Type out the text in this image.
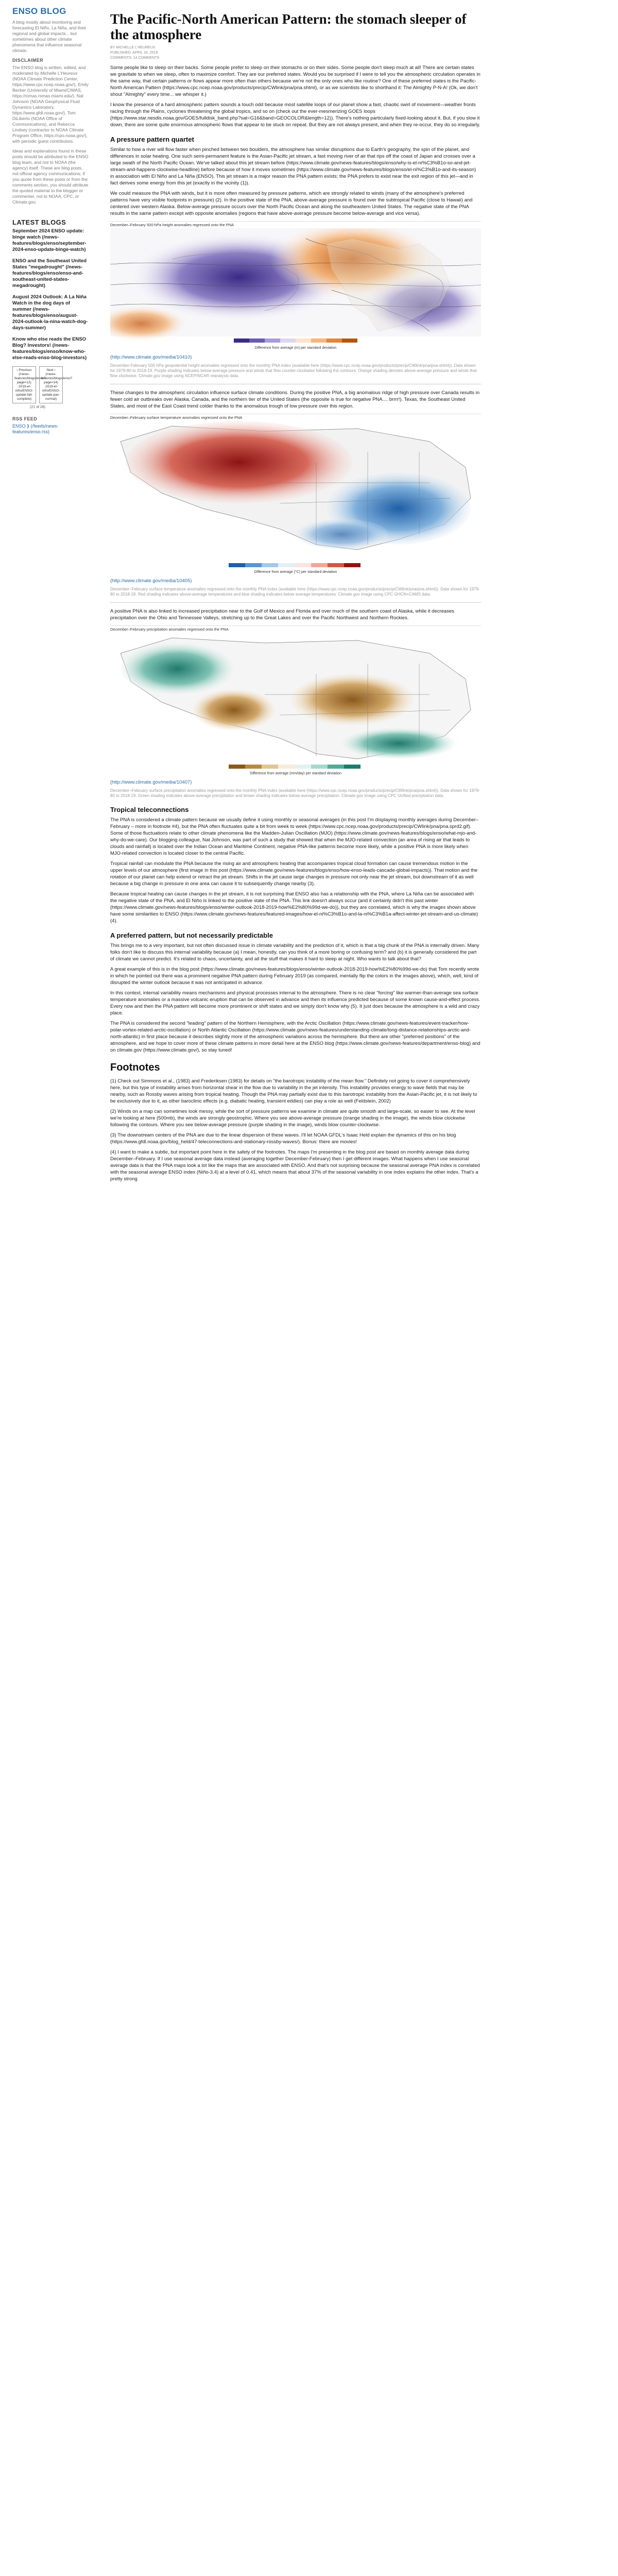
ENSO BLOG

A blog mostly about monitoring and forecasting El Niño, La Niña, and their regional and global impacts... but sometimes about other climate phenomena that influence seasonal climate.

DISCLAIMER

The ENSO blog is written, edited, and moderated by Michelle L'Heureux (NOAA Climate Prediction Center, https://www.cpc.ncep.noaa.gov/), Emily Becker (University of Miami/CIMAS, https://cimas.rsmas.miami.edu/), Nat Johnson (NOAA Geophysical Fluid Dynamics Laboratory, https://www.gfdl.noaa.gov/), Tom DiLiberto (NOAA Office of Communications), and Rebecca Lindsey (contractor to NOAA Climate Program Office, https://cpo.noaa.gov/), with periodic guest contributors.

Ideas and explanations found in these posts should be attributed to the ENSO blog team, and not to NOAA (the agency) itself. These are blog posts, not official agency communications; if you quote from these posts or from the comments section, you should attribute the quoted material to the blogger or commenter, not to NOAA, CPC, or Climate.gov.

LATEST BLOGS
September 2024 ENSO update: binge watch (/news-features/blogs/enso/september-2024-enso-update-binge-watch)
ENSO and the Southeast United States "megadrought" (/news-features/blogs/enso/enso-and-southeast-united-states-megadrought)
August 2024 Outlook: A La Niña Watch in the dog days of summer (/news-features/blogs/enso/august-2024-outlook-la-nina-watch-dog-days-summer)
Know who else reads the ENSO Blog? Investors! (/news-features/blogs/enso/know-who-else-reads-enso-blog-investors)
‹ Previous (/news-features/blogs/enso?page=12) ·2019-el-niño/ENSO- update-fall- complete)
Next › (/news-features/blogs/enso?page=14) ·2019-el-niño/ENSO- update-pac- normal)
(21 of 28)
RSS FEED
ENSO ⟫ (/feeds/news-features/enso.rss)
The Pacific-North American Pattern: the stomach sleeper of the atmosphere
BY MICHELLE L'HEUREUX
PUBLISHED: APRIL 24, 2019
COMMENTS: 14 COMMENTS

Some people like to sleep on their backs. Some people prefer to sleep on their stomachs or on their sides. Some people don't sleep much at all! There are certain states we gravitate to when we sleep, often to maximize comfort. They are our preferred states. Would you be surprised if I were to tell you the atmospheric circulation operates in the same way, that certain patterns or flows appear more often than others because we're not the only ones who like routine? One of these preferred states is the Pacific-North American Pattern (https://www.cpc.ncep.noaa.gov/products/precip/CWlink/pna/pna.shtml), or as we scientists like to shorthand it: The Almighty P-N-A! (Ok, we don't shout "Almighty" every time... we whisper it.)

I know the presence of a hard atmospheric pattern sounds a touch odd because most satellite loops of our planet show a fast, chaotic swirl of movement—weather fronts racing through the Plains, cyclones threatening the global tropics, and so on (check out the ever-mesmerizing GOES loops (https://www.star.nesdis.noaa.gov/GOES/fulldisk_band.php?sat=G16&band=GEOCOLOR&length=12)). There's nothing particularly fixed-looking about it. But, if you slow it down, there are some quite enormous atmospheric flows that appear to be stuck on repeat. But they are not always present, and when they re-occur, they do so irregularly.

A pressure pattern quartet

Similar to how a river will flow faster when pinched between two boulders, the atmosphere has similar disruptions due to Earth's geography, the spin of the planet, and differences in solar heating. One such semi-permanent feature is the Asian-Pacific jet stream, a fast moving river of air that rips off the coast of Japan and crosses over a large swath of the North Pacific Ocean. We've talked about this jet stream before (https://www.climate.gov/news-features/blogs/enso/why-is-el-ni%C3%B1o-so-and-jet-stream-and-happens-clockwise-headline) before because of how it moves sometimes (https://www.climate.gov/news-features/blogs/enso/el-ni%C3%B1o-and-its-season) in association with El Niño and La Niña (ENSO). This jet stream is a major reason the PNA pattern exists; the PNA prefers to exist near the exit region of this jet—and in fact derives some energy from this jet (exactly in the vicinity (1)).

We could measure the PNA with winds, but it is more often measured by pressure patterns, which are strongly related to winds (many of the atmosphere's preferred patterns have very visible footprints in pressure) (2). In the positive state of the PNA, above-average pressure is found over the subtropical Pacific (close to Hawaii) and centered over western Alaska. Below-average pressure occurs over the North Pacific Ocean and along the southeastern United States. The negative state of the PNA results in the same pattern except with opposite anomalies (regions that have above-average pressure become below-average and vice versa).

December–February 500-hPa height anomalies regressed onto the PNA
Difference from average (m) per standard deviation
(http://www.climate.gov/media/10410)
December-February 500 hPa geopotential height anomalies regressed onto the monthly PNA index (available here (https://www.cpc.ncep.noaa.gov/products/precip/CWlink/pna/pna.shtml)). Data shown for 1979-80 to 2018-19. Purple shading indicates below-average pressure and winds that flow counter-clockwise following the contours. Orange shading denotes above-average pressure and winds that flow clockwise. Climate.gov image using NCEP/NCAR reanalysis data.

These changes to the atmospheric circulation influence surface climate conditions. During the positive PNA, a big anomalous ridge of high pressure over Canada results in fewer cold air outbreaks over Alaska, Canada, and the northern tier of the United States (the opposite is true for negative PNA.... brrrr!). Texas, the Southeast United States, and most of the East Coast trend colder thanks to the anomalous trough of low pressure over this region.

December–February surface temperature anomalies regressed onto the PNA
Difference from average (°C) per standard deviation
(http://www.climate.gov/media/10405)
December–February surface temperature anomalies regressed onto the monthly PNA index (available here (https://www.cpc.ncep.noaa.gov/products/precip/CWlink/pna/pna.shtml)). Data shown for 1979-80 to 2018-19. Red shading indicates above-average temperatures and blue shading indicates below average temperatures. Climate.gov image using CPC GHCN+CAMS data.

A positive PNA is also linked to increased precipitation near to the Gulf of Mexico and Florida and over much of the southern coast of Alaska, while it decreases precipitation over the Ohio and Tennessee Valleys, stretching up to the Great Lakes and over the Pacific Northwest and Northern Rockies.

December–February precipitation anomalies regressed onto the PNA
Difference from average (mm/day) per standard deviation
(http://www.climate.gov/media/10407)
December–February surface precipitation anomalies regressed onto the monthly PNA index (available here (https://www.cpc.ncep.noaa.gov/products/precip/CWlink/pna/pna.shtml)). Data shown for 1979-80 to 2018-19. Green shading indicates above-average precipitation and brown shading indicates below-average precipitation. Climate.gov image using CPC Unified precipitation data.
Tropical teleconnections

The PNA is considered a climate pattern because we usually define it using monthly or seasonal averages (in this post I'm displaying monthly averages during December–February – more in footnote #4), but the PNA often fluctuates quite a bit from week to week (https://www.cpc.ncep.noaa.gov/products/precip/CWlink/pna/pna.sprd2.gif). Some of those fluctuations relate to other climate phenomena like the Madden-Julian Oscillation (MJO) (https://www.climate.gov/news-features/blogs/enso/what-mjo-and-why-do-we-care). Our blogging colleague, Nat Johnson, was part of such a study that showed that when the MJO-related convection (an area of rising air that leads to clouds and rainfall) is located over the Indian Ocean and Maritime Continent, negative PNA-like patterns become more likely, while a positive PNA is more likely when MJO-related convection is located closer to the central Pacific.

Tropical rainfall can modulate the PNA because the rising air and atmospheric heating that accompanies tropical cloud formation can cause tremendous motion in the upper levels of our atmosphere (first image in this post (https://www.climate.gov/news-features/blogs/enso/how-enso-leads-cascade-global-impacts)). That motion and the rotation of our planet can help extend or retract the jet stream. Shifts in the jet cause large changes in pressure not only near the jet stream, but downstream of it as well because a big change in pressure in one area can cause it to subsequently change nearby (3).

Because tropical heating can cause changes in the jet stream, it is not surprising that ENSO also has a relationship with the PNA, where La Niña can be associated with the negative state of the PNA, and El Niño is linked to the positive state of the PNA. This link doesn't always occur (and it certainly didn't this past winter (https://www.climate.gov/news-features/blogs/enso/winter-outlook-2018-2019-how%E2%80%99d-we-do)), but they are correlated, which is why the images shown above have some similarities to ENSO (https://www.climate.gov/news-features/featured-images/how-el-ni%C3%B1o-and-la-ni%C3%B1a-affect-winter-jet-stream-and-us-climate) (4).

A preferred pattern, but not necessarily predictable

This brings me to a very important, but not often discussed issue in climate variability and the prediction of it, which is that a big chunk of the PNA is internally driven. Many folks don't like to discuss this internal variability because (a) I mean, honestly, can you think of a more boring or confusing term? and (b) it is generally considered the part of climate we cannot predict. It's related to chaos, uncertainty, and all the stuff that makes it hard to sleep at night. Who wants to talk about that?

A great example of this is in the blog post (https://www.climate.gov/news-features/blogs/enso/winter-outlook-2018-2019-how%E2%80%99d-we-do) that Tom recently wrote in which he pointed out there was a prominent negative PNA pattern during February 2019 (as compared, mentally flip the colors in the images above), which, well, kind of disrupted the winter outlook because it was not anticipated in advance.

In this context, internal variability means mechanisms and physical processes internal to the atmosphere. There is no clear "forcing" like warmer-than-average sea surface temperature anomalies or a massive volcanic eruption that can be observed in advance and then its influence predicted because of some known cause-and-effect process. Every now and then the PNA pattern will become more prominent or shift states and we simply don't know why (5). It just does because the atmosphere is a wild and crazy place.

The PNA is considered the second "leading" pattern of the Northern Hemisphere, with the Arctic Oscillation (https://www.climate.gov/news-features/event-tracker/how-polar-vortex-related-arctic-oscillation) or North Atlantic Oscillation (https://www.climate.gov/news-features/understanding-climate/long-distance-relationships-arctic-and-north-atlantic) in first place because it describes slightly more of the atmospheric variations across the hemisphere. But there are other "preferred positions" of the atmosphere, and we hope to cover more of these climate patterns in more detail here at the ENSO blog (https://www.climate.gov/news-features/department/enso-blog) and on climate.gov (https://www.climate.gov/), so stay tuned!

Footnotes

(1) Check out Simmons et al., (1983) and Frederiksen (1983) for details on "the barotropic instability of the mean flow." Definitely not going to cover it comprehensively here, but this type of instability arises from horizontal shear in the flow due to variability in the jet intensity. This instability provides energy to wave fields that may be nearby, such as Rossby waves arising from tropical heating. Though the PNA may partially exist due to this barotropic instability from the Asian-Pacific jet, it is not likely to be exclusively due to it, as other baroclinic effects (e.g. diabatic heating, transient eddies) can play a role as well (Feldstein, 2002)

(2) Winds on a map can sometimes look messy, while the sort of pressure patterns we examine in climate are quite smooth and large-scale, so easier to see. At the level we're looking at here (500mb), the winds are strongly geostrophic. Where you see above-average pressure (orange shading in the image), the winds blow clockwise following the contours. Where you see below-average pressure (purple shading in the image), winds blow counter-clockwise.

(3) The downstream centers of the PNA are due to the linear dispersion of these waves. I'll let NOAA GFDL's Isaac Held explain the dynamics of this on his blog (https://www.gfdl.noaa.gov/blog_held/47-teleconnections-and-stationary-rossby-waves/). Bonus: there are movies!

(4) I want to make a subtle, but important point here in the safety of the footnotes. The maps I'm presenting in the blog post are based on monthly average data during December–February. If I use seasonal average data instead (averaging together December-February) then I get different images. What happens when I use seasonal average data is that the PNA maps look a lot like the maps that are associated with ENSO. And that's not surprising because the seasonal average PNA index is correlated with the seasonal average ENSO index (Niño-3.4) at a level of 0.41, which means that about 37% of the seasonal variability in one index explains the other index. That's a pretty strong
